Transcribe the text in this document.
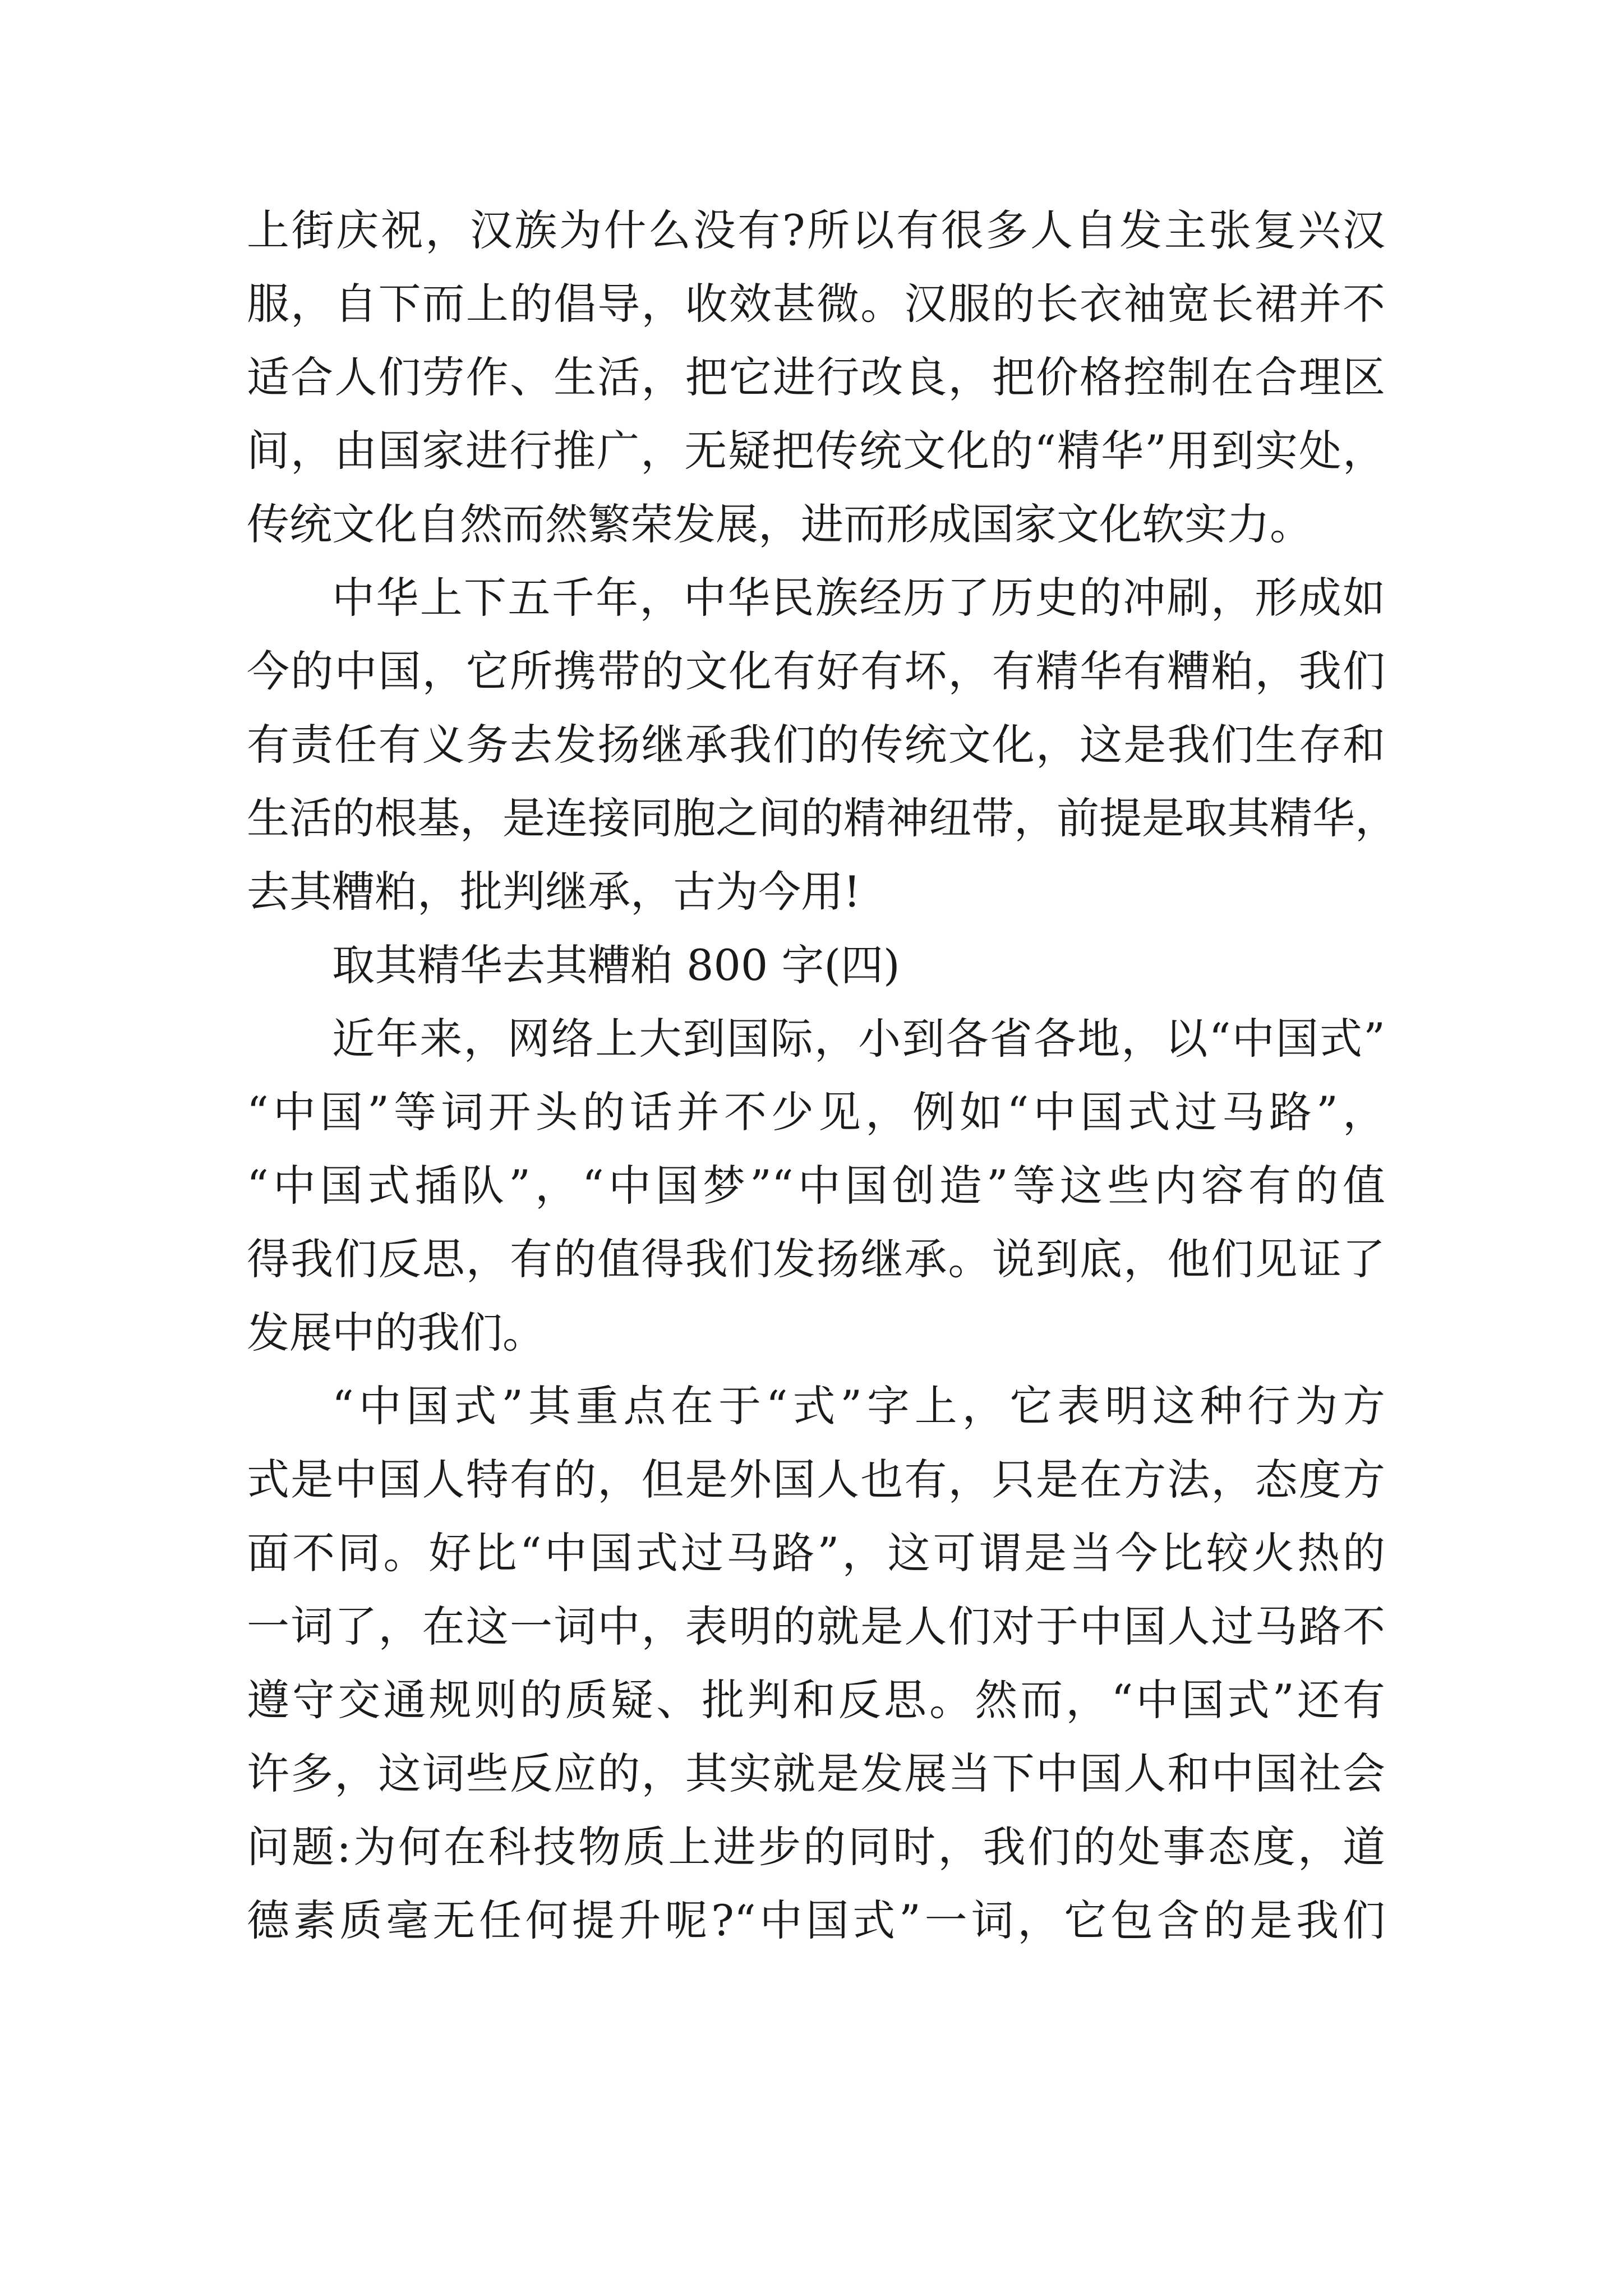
上街庆祝，汉族为什么没有?所以有很多人自发主张复兴汉
服，自下而上的倡导，收效甚微。汉服的长衣袖宽长裙并不
适合人们劳作、生活，把它进行改良，把价格控制在合理区
间，由国家进行推广，无疑把传统文化的“精华”用到实处，
传统文化自然而然繁荣发展，进而形成国家文化软实力。
中华上下五千年，中华民族经历了历史的冲刷，形成如
今的中国，它所携带的文化有好有坏，有精华有糟粕，我们
有责任有义务去发扬继承我们的传统文化，这是我们生存和
生活的根基，是连接同胞之间的精神纽带，前提是取其精华，
去其糟粕，批判继承，古为今用!
取其精华去其糟粕 800 字(四)
近年来，网络上大到国际，小到各省各地，以“中国式”
“中国”等词开头的话并不少见，例如“中国式过马路”，
“中国式插队”，“中国梦”“中国创造”等这些内容有的值
得我们反思，有的值得我们发扬继承。说到底，他们见证了
发展中的我们。
“中国式”其重点在于“式”字上，它表明这种行为方
式是中国人特有的，但是外国人也有，只是在方法，态度方
面不同。好比“中国式过马路”，这可谓是当今比较火热的
一词了，在这一词中，表明的就是人们对于中国人过马路不
遵守交通规则的质疑、批判和反思。然而，“中国式”还有
许多，这词些反应的，其实就是发展当下中国人和中国社会
问题:为何在科技物质上进步的同时，我们的处事态度，道
德素质毫无任何提升呢?“中国式”一词，它包含的是我们
